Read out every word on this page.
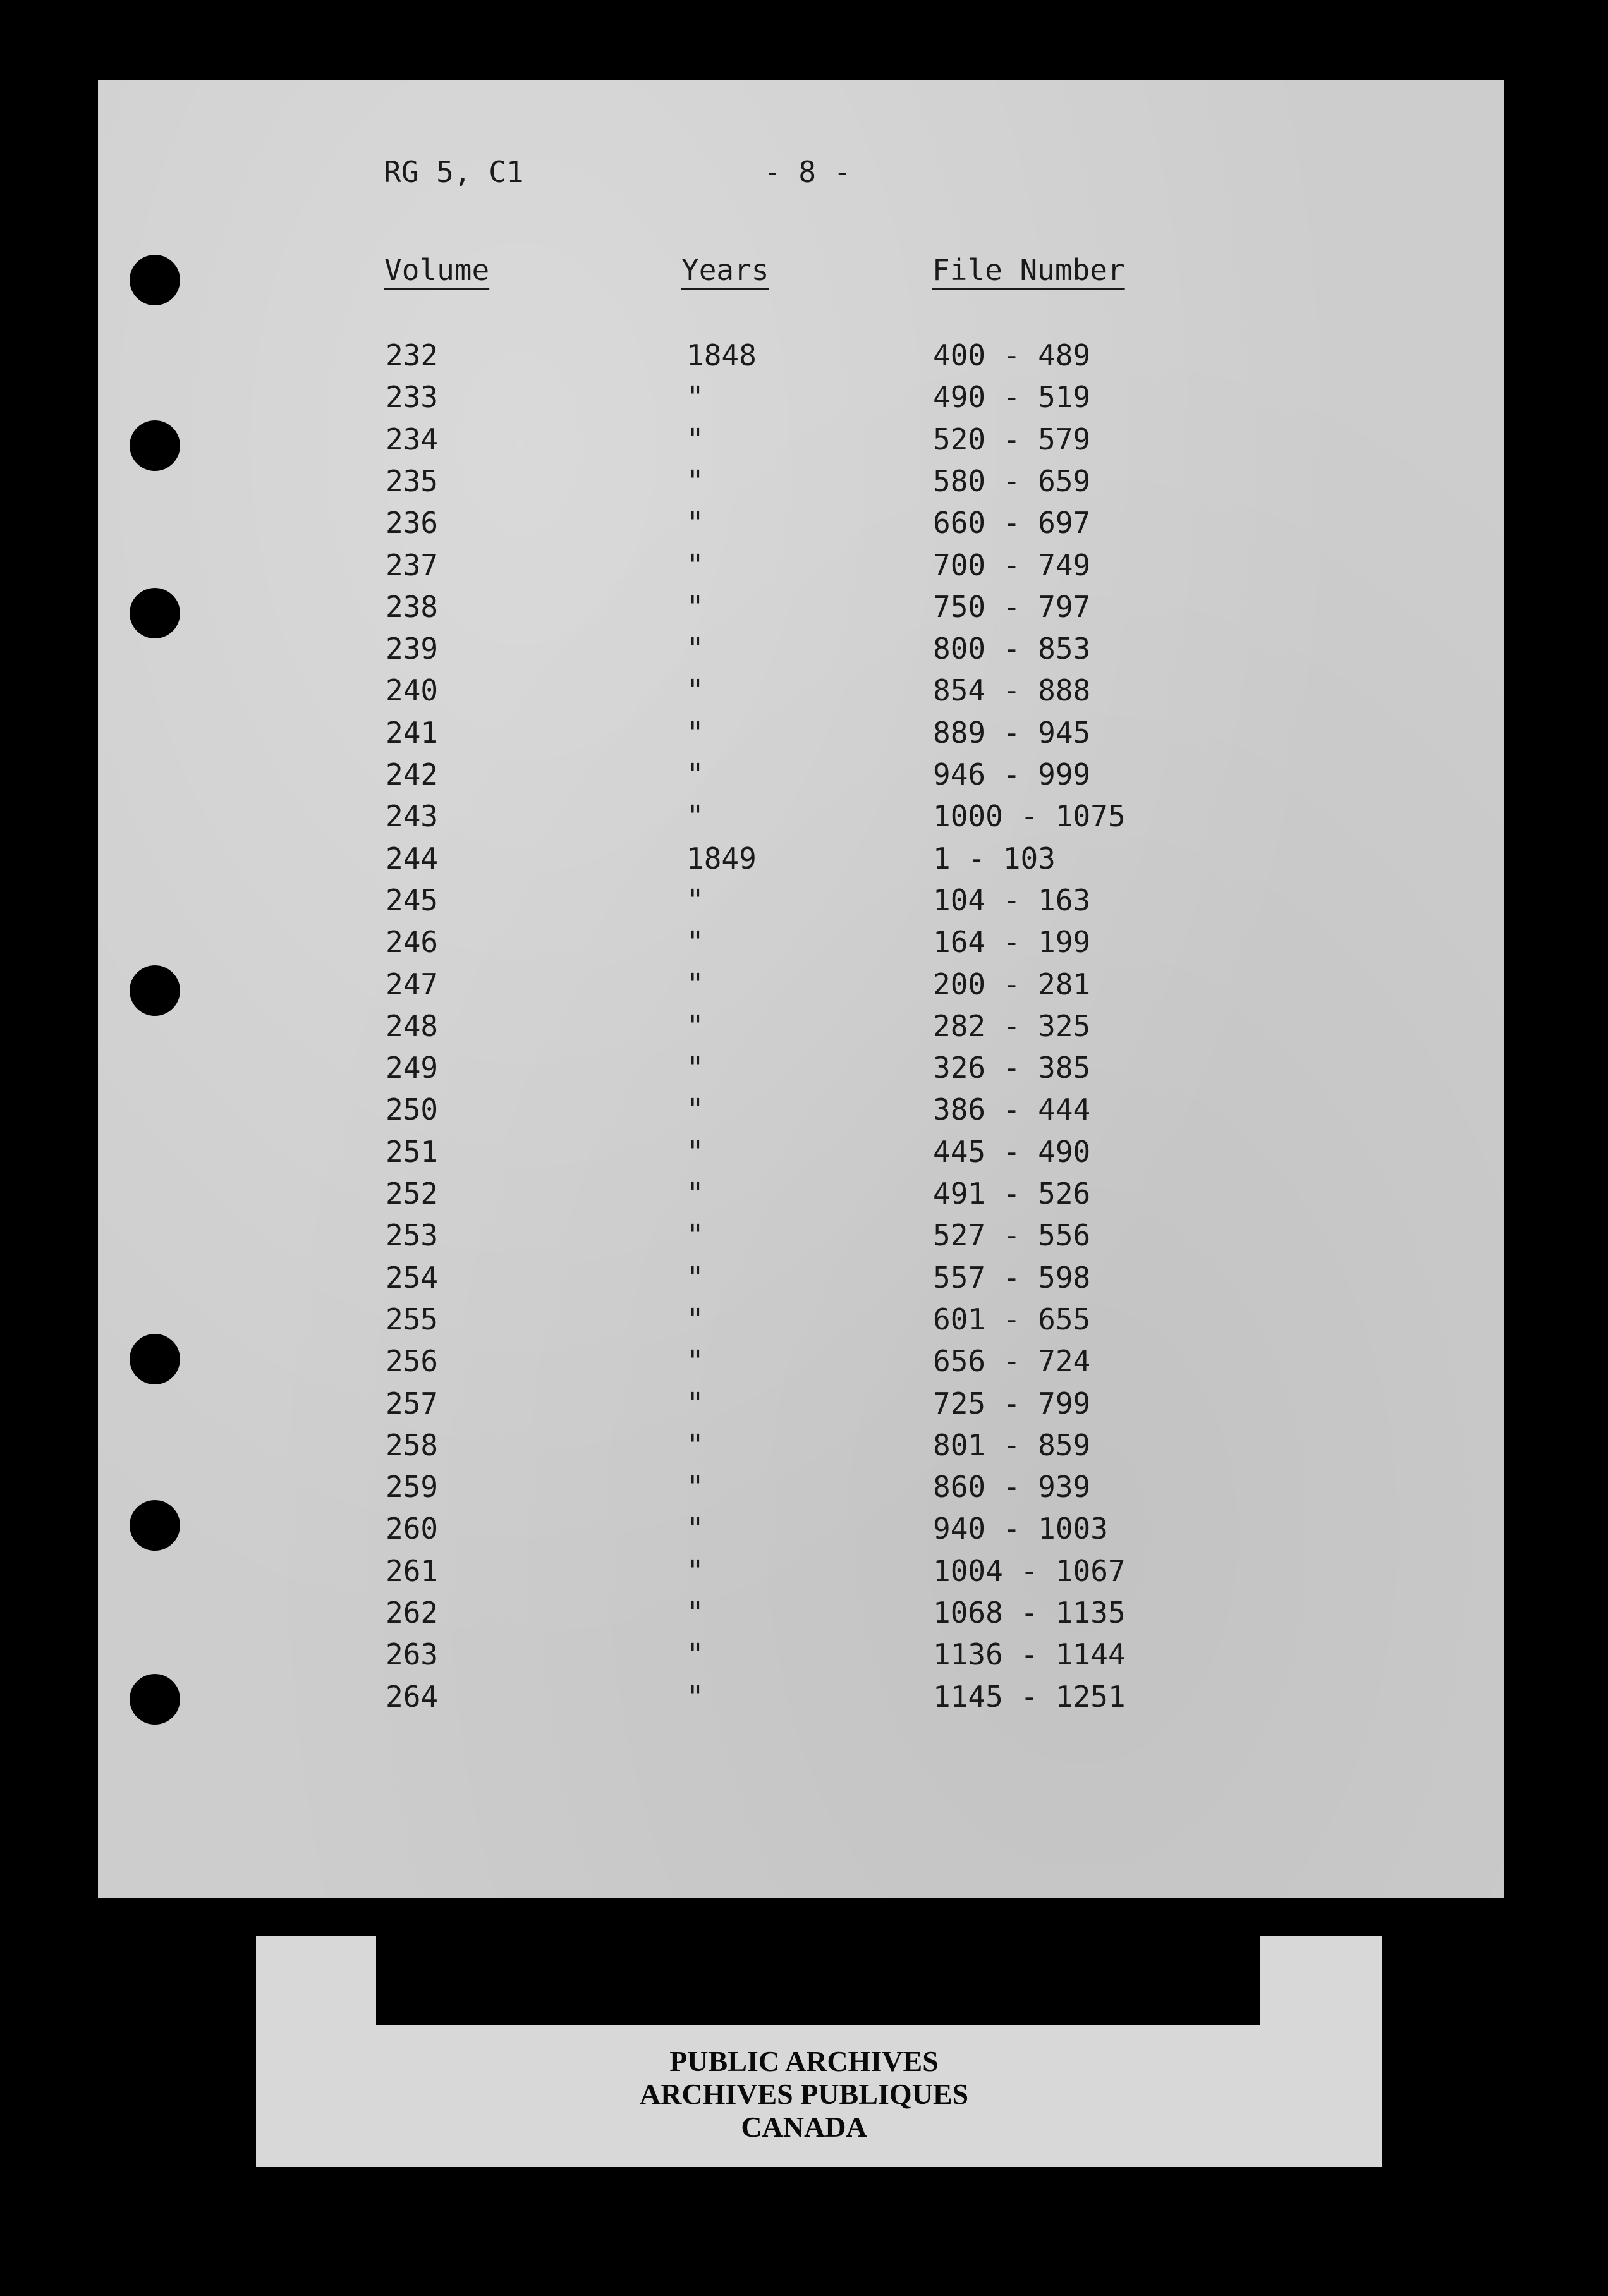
RG 5, C1	- 8 -
Volume	Years	File Number
232	1848	400 - 489
233	"	490 - 519
234	"	520 - 579
235	"	580 - 659
236	"	660 - 697
237	"	700 - 749
238	"	750 - 797
239	"	800 - 853
240	"	854 - 888
241	"	889 - 945
242	"	946 - 999
243	"	1000 - 1075
244	1849	1 - 103
245	"	104 - 163
246	"	164 - 199
247	"	200 - 281
248	"	282 - 325
249	"	326 - 385
250	"	386 - 444
251	"	445 - 490
252	"	491 - 526
253	"	527 - 556
254	"	557 - 598
255	"	601 - 655
256	"	656 - 724
257	"	725 - 799
258	"	801 - 859
259	"	860 - 939
260	"	940 - 1003
261	"	1004 - 1067
262	"	1068 - 1135
263	"	1136 - 1144
264	"	1145 - 1251
PUBLIC ARCHIVES
ARCHIVES PUBLIQUES
CANADA
